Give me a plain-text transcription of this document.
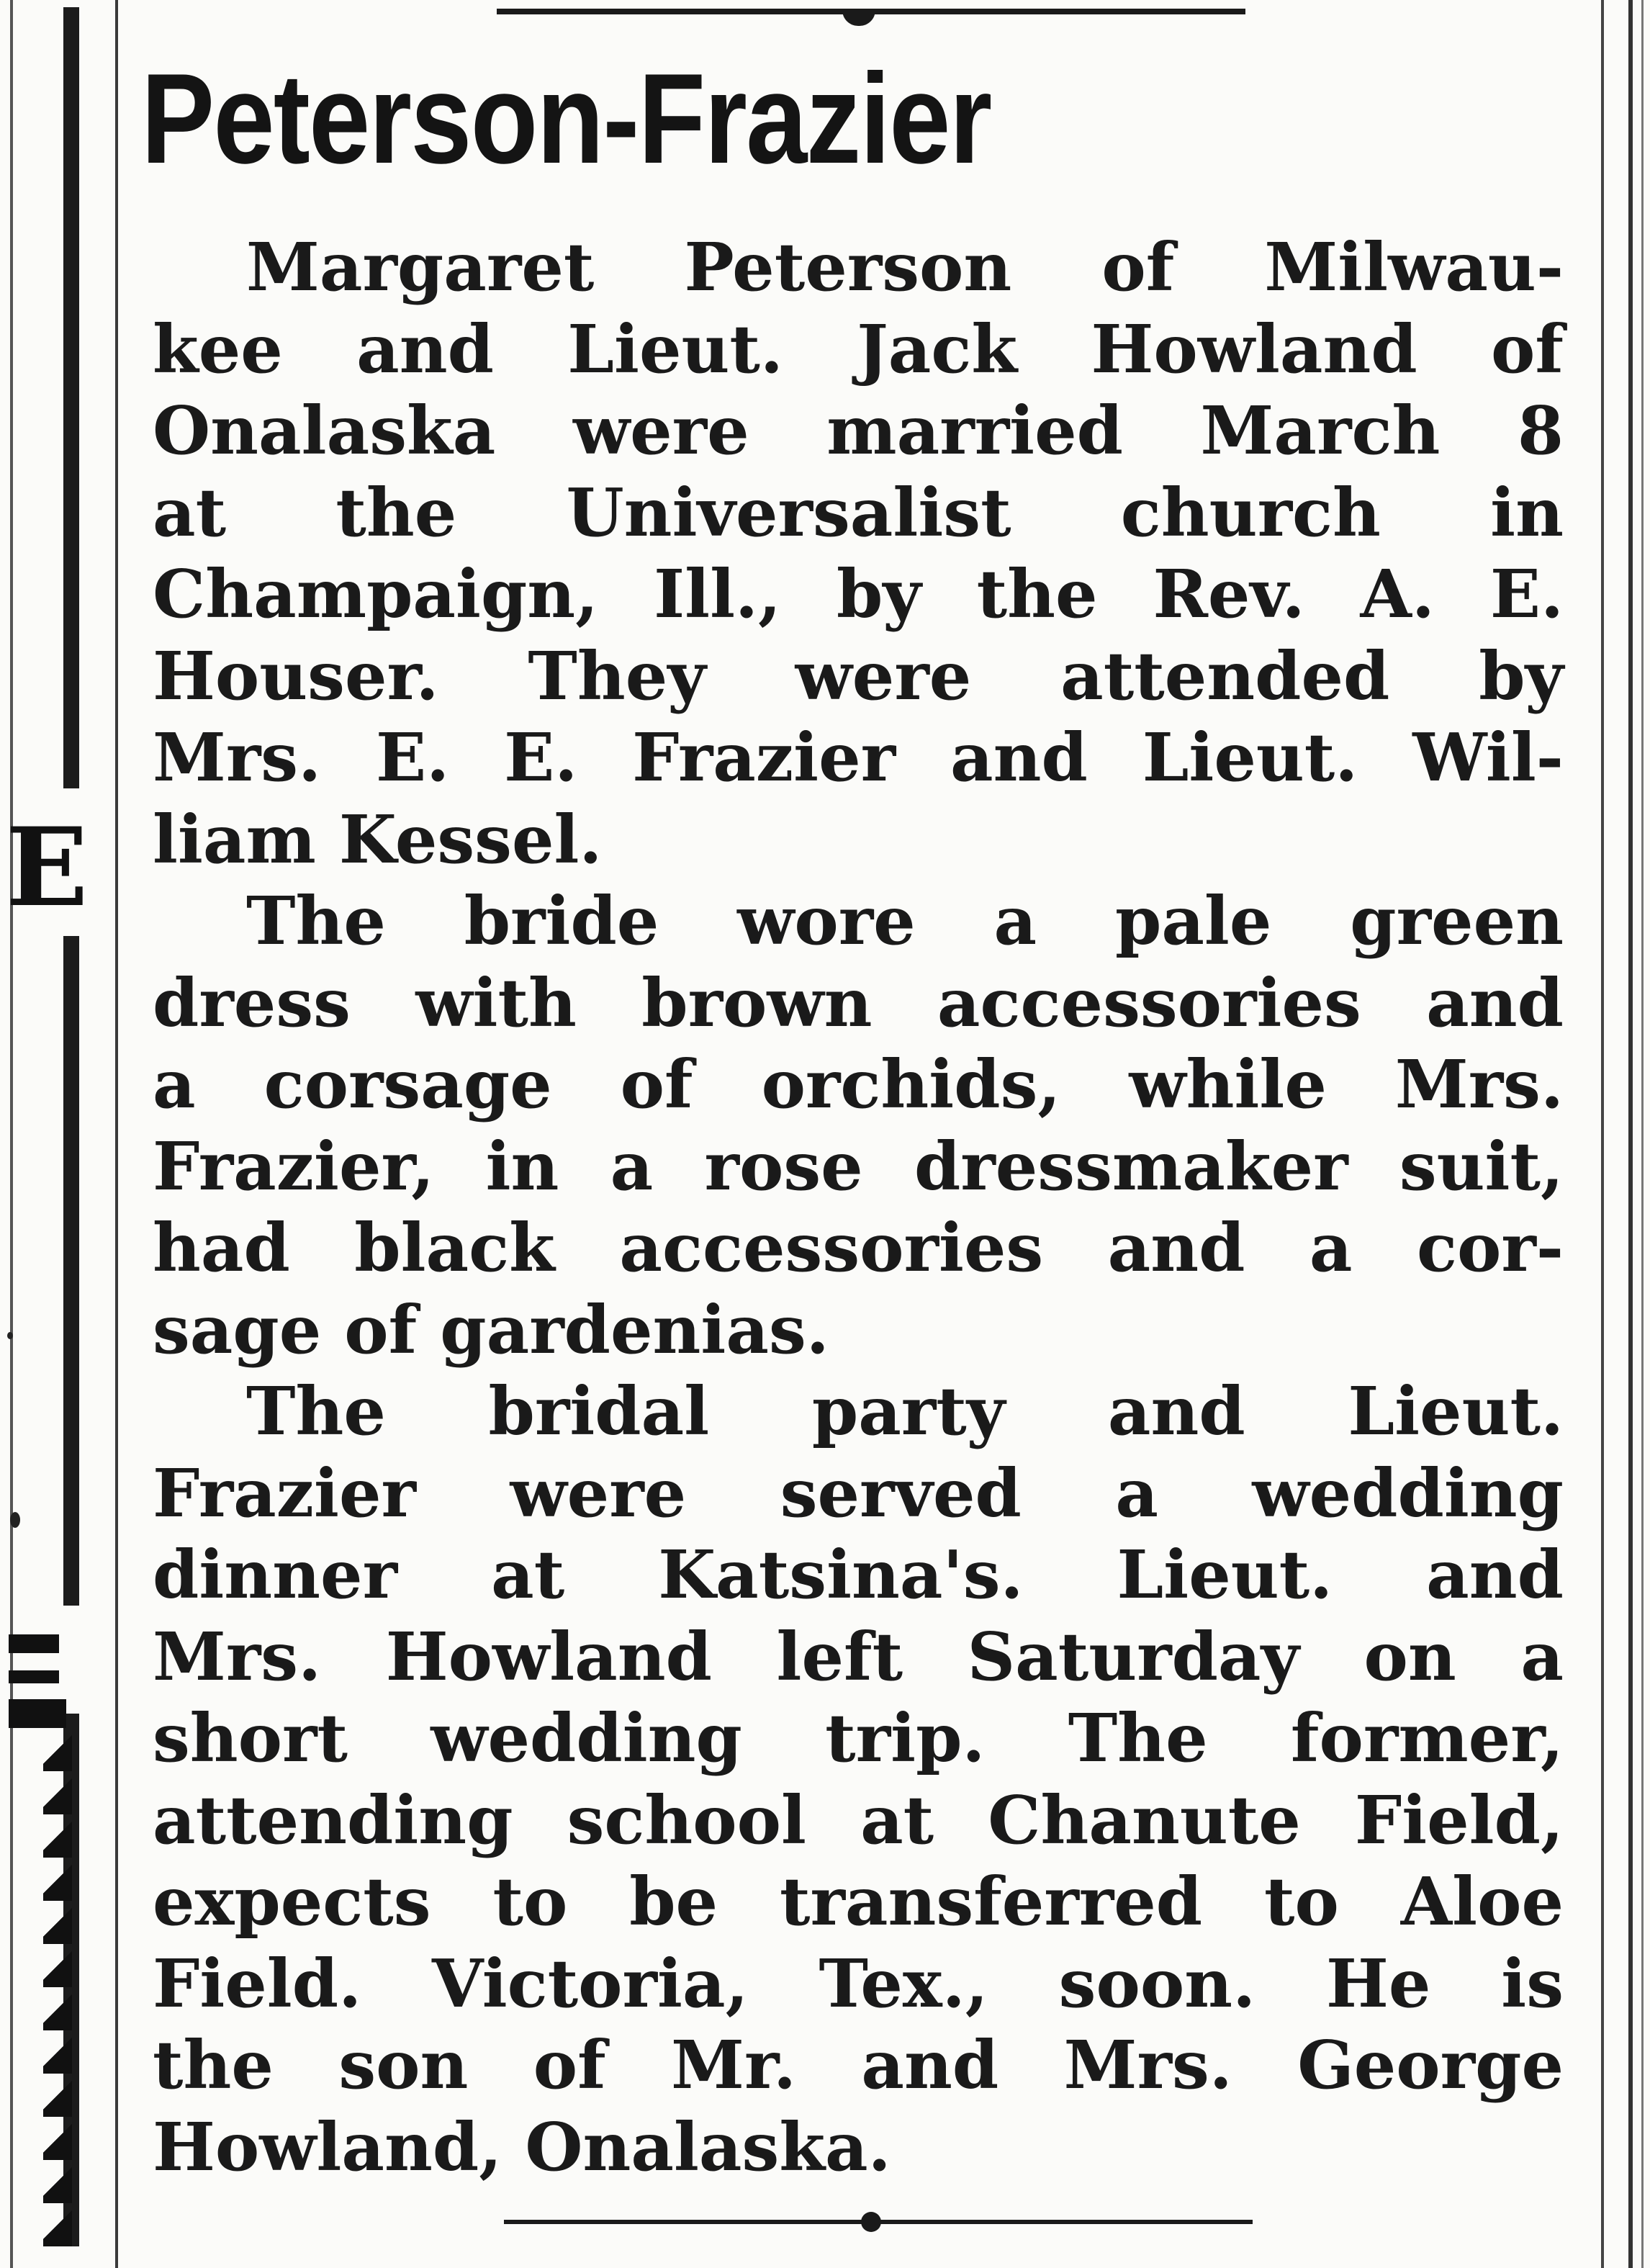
E
Peterson-Frazier

Margaret Peterson of Milwau-
kee and Lieut. Jack Howland of
Onalaska were married March 8
at the Universalist church in
Champaign, Ill., by the Rev. A. E.
Houser. They were attended by
Mrs. E. E. Frazier and Lieut. Wil-
liam Kessel.

The bride wore a pale green
dress with brown accessories and
a corsage of orchids, while Mrs.
Frazier, in a rose dressmaker suit,
had black accessories and a cor-
sage of gardenias.

The bridal party and Lieut.
Frazier were served a wedding
dinner at Katsina's. Lieut. and
Mrs. Howland left Saturday on a
short wedding trip. The former,
attending school at Chanute Field,
expects to be transferred to Aloe
Field. Victoria, Tex., soon. He is
the son of Mr. and Mrs. George
Howland, Onalaska.
